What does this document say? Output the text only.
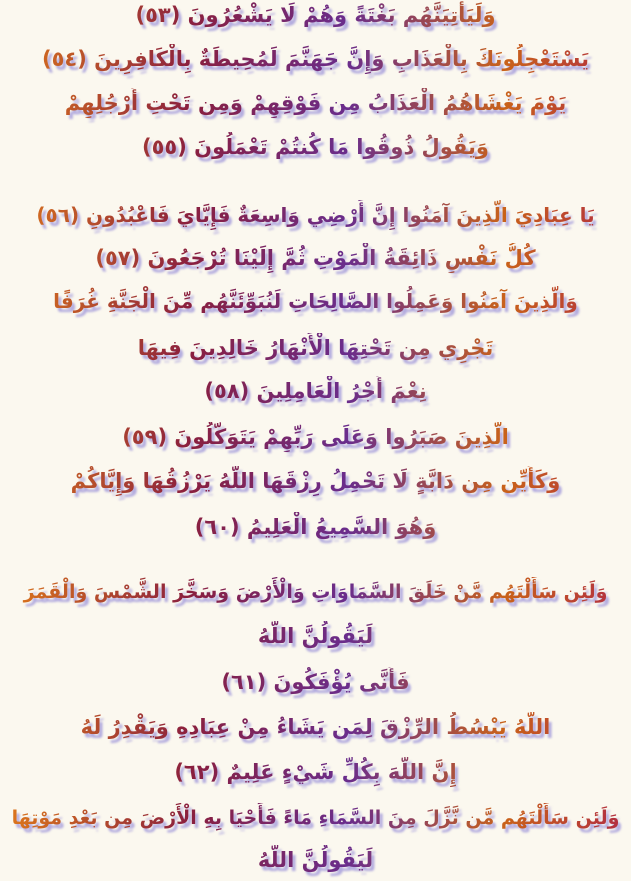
وَلَيَأْتِيَنَّهُم بَغْتَةً وَهُمْ لَا يَشْعُرُونَ (٥٣)
يَسْتَعْجِلُونَكَ بِالْعَذَابِ وَإِنَّ جَهَنَّمَ لَمُحِيطَةٌ بِالْكَافِرِينَ (٥٤)
يَوْمَ يَغْشَاهُمُ الْعَذَابُ مِن فَوْقِهِمْ وَمِن تَحْتِ أَرْجُلِهِمْ
وَيَقُولُ ذُوقُوا مَا كُنتُمْ تَعْمَلُونَ (٥٥)
يَا عِبَادِيَ الَّذِينَ آمَنُوا إِنَّ أَرْضِي وَاسِعَةٌ فَإِيَّايَ فَاعْبُدُونِ (٥٦)
كُلُّ نَفْسٍ ذَائِقَةُ الْمَوْتِ ثُمَّ إِلَيْنَا تُرْجَعُونَ (٥٧)
وَالَّذِينَ آمَنُوا وَعَمِلُوا الصَّالِحَاتِ لَنُبَوِّئَنَّهُم مِّنَ الْجَنَّةِ غُرَفًا
تَجْرِي مِن تَحْتِهَا الْأَنْهَارُ خَالِدِينَ فِيهَا
نِعْمَ أَجْرُ الْعَامِلِينَ (٥٨)
الَّذِينَ صَبَرُوا وَعَلَى رَبِّهِمْ يَتَوَكَّلُونَ (٥٩)
وَكَأَيِّن مِن دَابَّةٍ لَا تَحْمِلُ رِزْقَهَا اللَّهُ يَرْزُقُهَا وَإِيَّاكُمْ
وَهُوَ السَّمِيعُ الْعَلِيمُ (٦٠)
وَلَئِن سَأَلْتَهُم مَّنْ خَلَقَ السَّمَاوَاتِ وَالْأَرْضَ وَسَخَّرَ الشَّمْسَ وَالْقَمَرَ
لَيَقُولُنَّ اللَّهُ
فَأَنَّى يُؤْفَكُونَ (٦١)
اللَّهُ يَبْسُطُ الرِّزْقَ لِمَن يَشَاءُ مِنْ عِبَادِهِ وَيَقْدِرُ لَهُ
إِنَّ اللَّهَ بِكُلِّ شَيْءٍ عَلِيمٌ (٦٢)
وَلَئِن سَأَلْتَهُم مَّن نَّزَّلَ مِنَ السَّمَاءِ مَاءً فَأَحْيَا بِهِ الْأَرْضَ مِن بَعْدِ مَوْتِهَا
لَيَقُولُنَّ اللَّهُ
